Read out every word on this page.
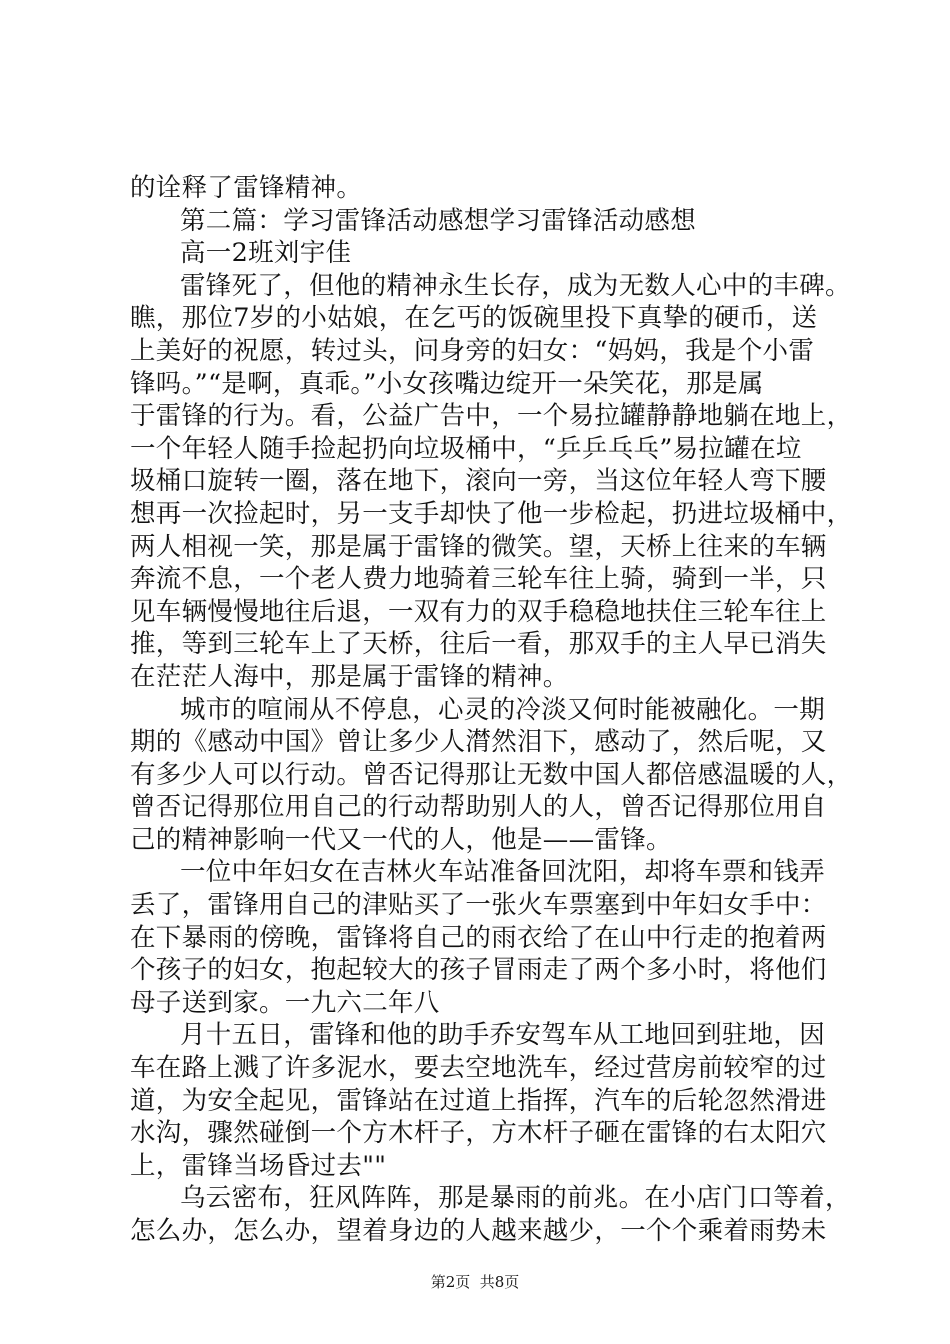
的诠释了雷锋精神。
第二篇：学习雷锋活动感想学习雷锋活动感想
高一2班刘宇佳
雷锋死了，但他的精神永生长存，成为无数人心中的丰碑。
瞧，那位7岁的小姑娘，在乞丐的饭碗里投下真挚的硬币，送
上美好的祝愿，转过头，问身旁的妇女：“妈妈，我是个小雷
锋吗。”“是啊，真乖。”小女孩嘴边绽开一朵笑花，那是属
于雷锋的行为。看，公益广告中，一个易拉罐静静地躺在地上，
一个年轻人随手捡起扔向垃圾桶中，“乒乒乓乓”易拉罐在垃
圾桶口旋转一圈，落在地下，滚向一旁，当这位年轻人弯下腰
想再一次捡起时，另一支手却快了他一步检起，扔进垃圾桶中，
两人相视一笑，那是属于雷锋的微笑。望，天桥上往来的车辆
奔流不息，一个老人费力地骑着三轮车往上骑，骑到一半，只
见车辆慢慢地往后退，一双有力的双手稳稳地扶住三轮车往上
推，等到三轮车上了天桥，往后一看，那双手的主人早已消失
在茫茫人海中，那是属于雷锋的精神。
城市的喧闹从不停息，心灵的冷淡又何时能被融化。一期
期的《感动中国》曾让多少人潸然泪下，感动了，然后呢，又
有多少人可以行动。曾否记得那让无数中国人都倍感温暖的人，
曾否记得那位用自己的行动帮助别人的人，曾否记得那位用自
己的精神影响一代又一代的人，他是——雷锋。
一位中年妇女在吉林火车站准备回沈阳，却将车票和钱弄
丢了，雷锋用自己的津贴买了一张火车票塞到中年妇女手中：
在下暴雨的傍晚，雷锋将自己的雨衣给了在山中行走的抱着两
个孩子的妇女，抱起较大的孩子冒雨走了两个多小时，将他们
母子送到家。一九六二年八
月十五日，雷锋和他的助手乔安驾车从工地回到驻地，因
车在路上溅了许多泥水，要去空地洗车，经过营房前较窄的过
道，为安全起见，雷锋站在过道上指挥，汽车的后轮忽然滑进
水沟，骤然碰倒一个方木杆子，方木杆子砸在雷锋的右太阳穴
上，雷锋当场昏过去""
乌云密布，狂风阵阵，那是暴雨的前兆。在小店门口等着，
怎么办，怎么办，望着身边的人越来越少，一个个乘着雨势未
第2页  共8页
